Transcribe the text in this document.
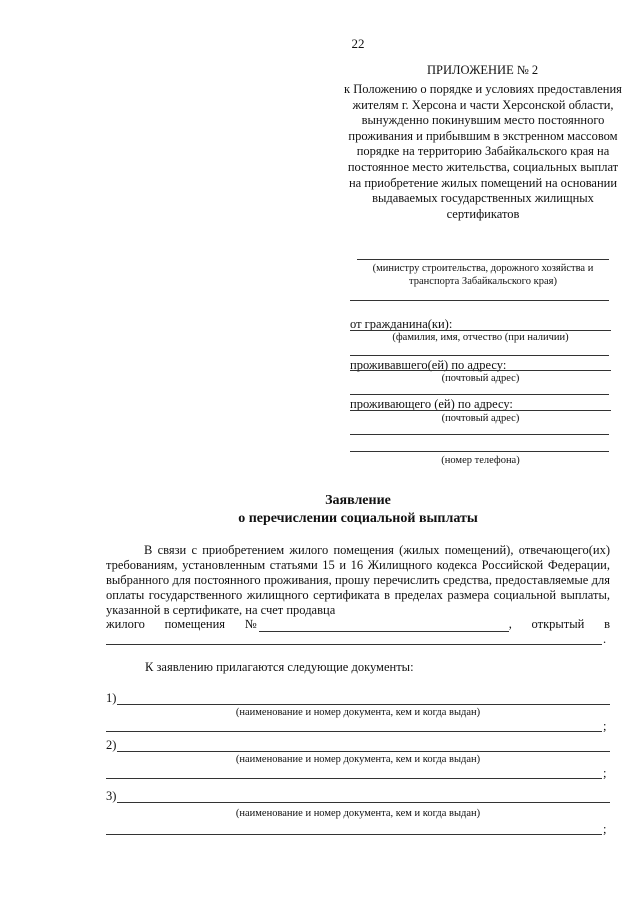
22
ПРИЛОЖЕНИЕ № 2
к Положению о порядке и условиях предоставления жителям г. Херсона и части Херсонской области, вынужденно покинувшим место постоянного проживания и прибывшим в экстренном массовом порядке на территорию Забайкальского края на постоянное место жительства, социальных выплат на приобретение жилых помещений на основании выдаваемых государственных жилищных сертификатов
(министру строительства, дорожного хозяйства и транспорта Забайкальского края)
от гражданина(ки):
(фамилия, имя, отчество (при наличии)
проживавшего(ей) по адресу:
(почтовый адрес)
проживающего (ей) по адресу:
(почтовый адрес)
(номер телефона)
Заявление
о перечислении социальной выплаты
В связи с приобретением жилого помещения (жилых помещений), отвечающего(их) требованиям, установленным статьями 15 и 16 Жилищного кодекса Российской Федерации, выбранного для постоянного проживания, прошу перечислить средства, предоставляемые для оплаты государственного жилищного сертификата в пределах размера социальной выплаты, указанной в сертификате, на счет продавца
жилого помещения №	, открытый в
.
К заявлению прилагаются следующие документы:
1)
(наименование и номер документа, кем и когда выдан)
;
2)
(наименование и номер документа, кем и когда выдан)
;
3)
(наименование и номер документа, кем и когда выдан)
;
